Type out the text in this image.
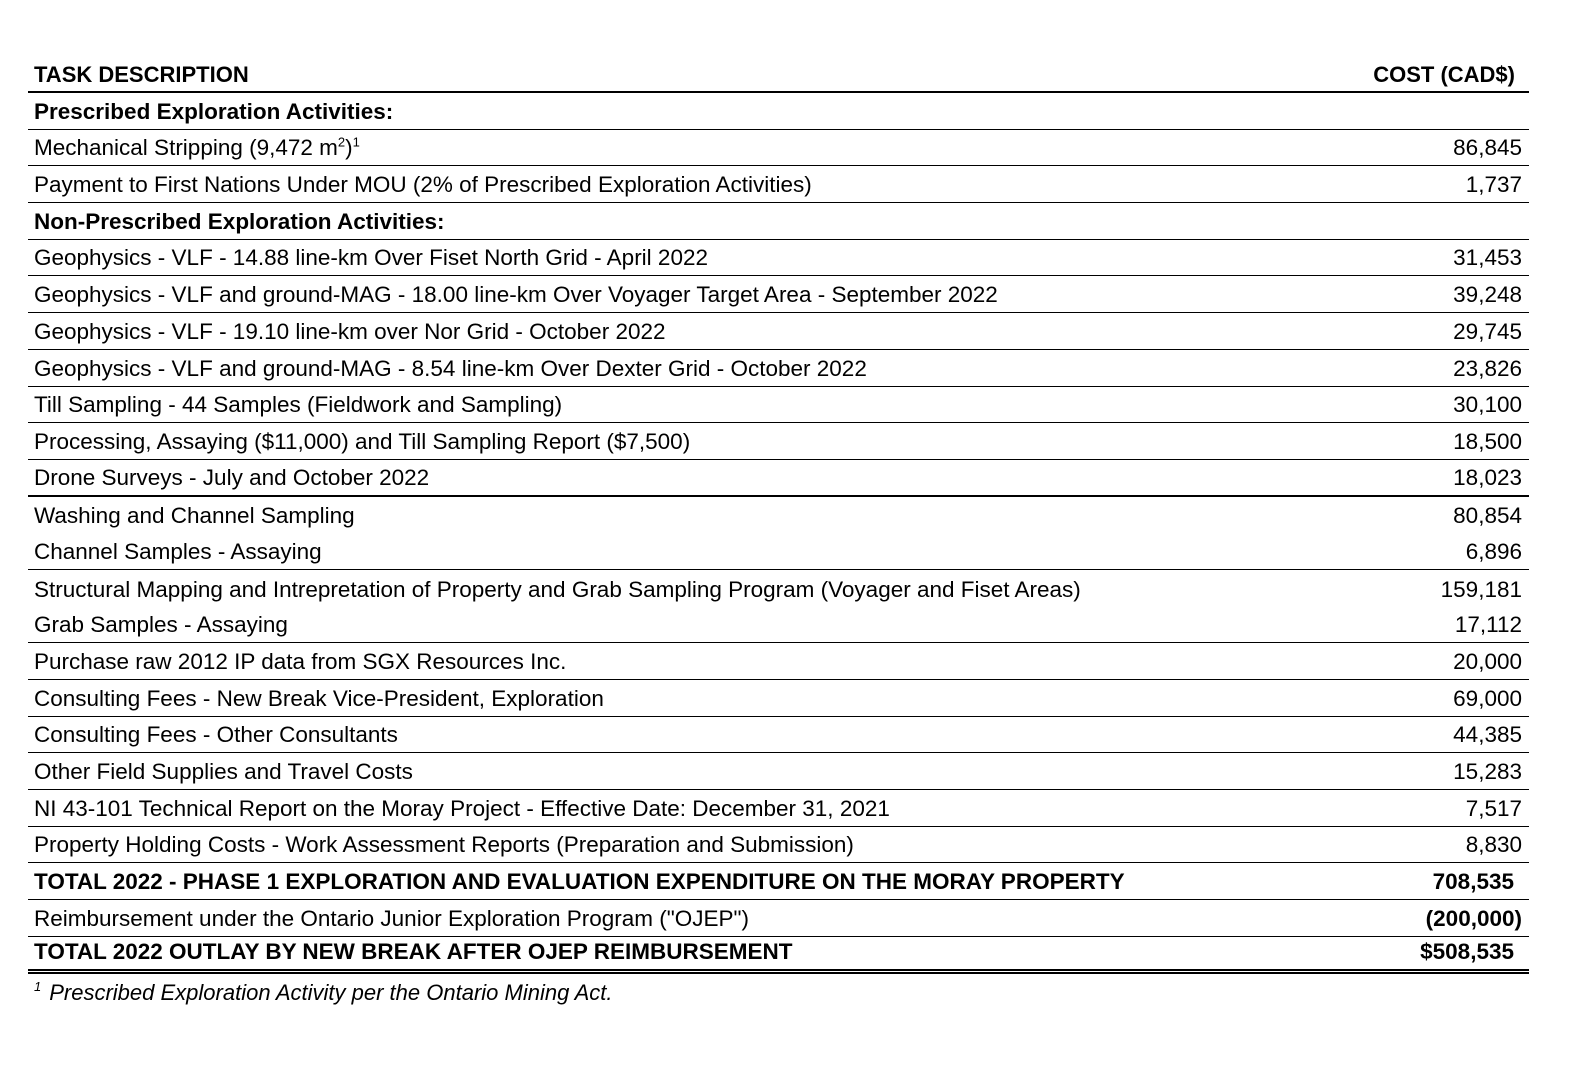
TASK DESCRIPTION	COST (CAD$)
Prescribed Exploration Activities:
Mechanical Stripping (9,472 $m^2)^1$	86,845
Payment to First Nations Under MOU (2% of Prescribed Exploration Activities)	1,737
Non-Prescribed Exploration Activities:
Geophysics - VLF - 14.88 line-km Over Fiset North Grid - April 2022	31,453
Geophysics - VLF and ground-MAG - 18.00 line-km Over Voyager Target Area - September 2022	39,248
Geophysics - VLF - 19.10 line-km over Nor Grid - October 2022	29,745
Geophysics - VLF and ground-MAG - 8.54 line-km Over Dexter Grid - October 2022	23,826
Till Sampling - 44 Samples (Fieldwork and Sampling)	30,100
Processing, Assaying ($11,000) and Till Sampling Report ($7,500)	18,500
Drone Surveys - July and October 2022	18,023
Washing and Channel Sampling	80,854
Channel Samples - Assaying	6,896
Structural Mapping and Intrepretation of Property and Grab Sampling Program (Voyager and Fiset Areas)	159,181
Grab Samples - Assaying	17,112
Purchase raw 2012 IP data from SGX Resources Inc.	20,000
Consulting Fees - New Break Vice-President, Exploration	69,000
Consulting Fees - Other Consultants	44,385
Other Field Supplies and Travel Costs	15,283
NI 43-101 Technical Report on the Moray Project - Effective Date: December 31, 2021	7,517
Property Holding Costs - Work Assessment Reports (Preparation and Submission)	8,830
TOTAL 2022 - PHASE 1 EXPLORATION AND EVALUATION EXPENDITURE ON THE MORAY PROPERTY	708,535
Reimbursement under the Ontario Junior Exploration Program ("OJEP")	(200,000)
TOTAL 2022 OUTLAY BY NEW BREAK AFTER OJEP REIMBURSEMENT	$508,535
$^1$ Prescribed Exploration Activity per the Ontario Mining Act.
